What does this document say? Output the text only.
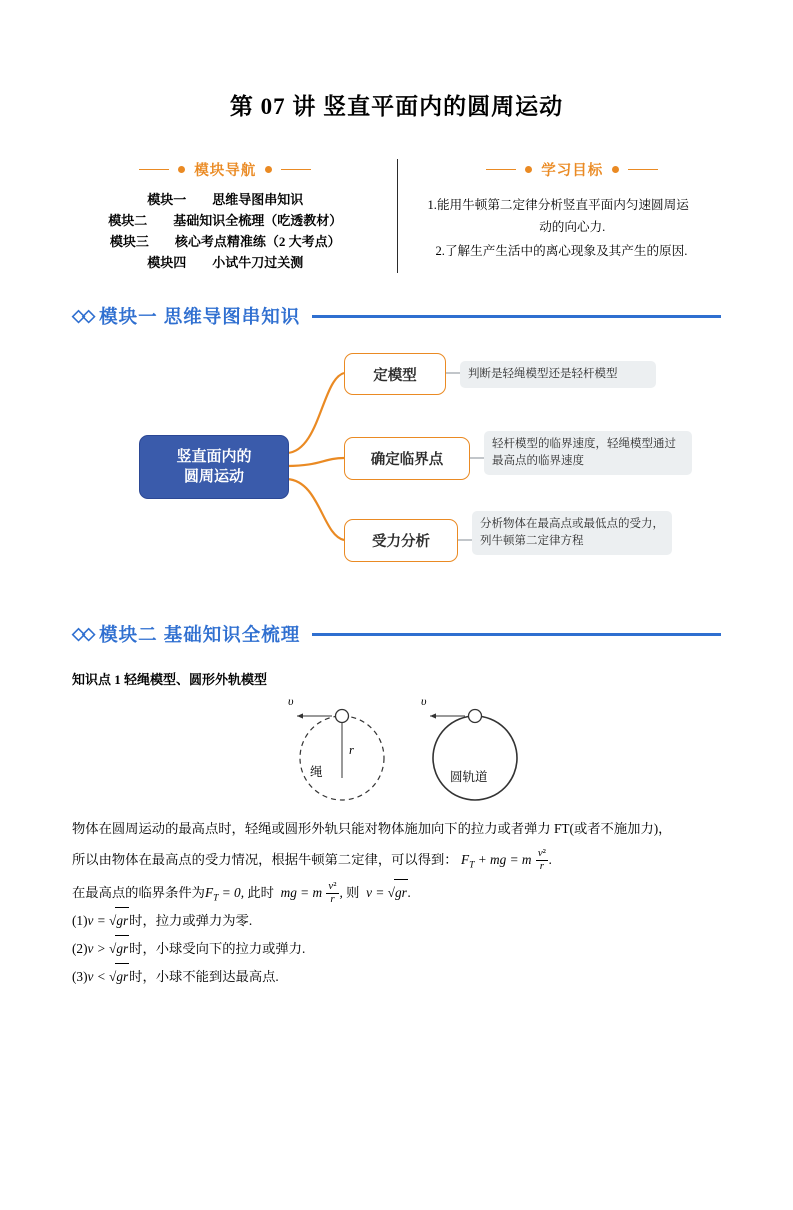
第 07 讲 竖直平面内的圆周运动
模块导航
模块一　　思维导图串知识
模块二　　基础知识全梳理（吃透教材）
模块三　　核心考点精准练（2 大考点）
模块四　　小试牛刀过关测
学习目标
1.能用牛顿第二定律分析竖直平面内匀速圆周运
动的向心力.
2.了解生产生活中的离心现象及其产生的原因.
◇◇ 模块一 思维导图串知识
竖直面内的
圆周运动
定模型
确定临界点
受力分析
判断是轻绳模型还是轻杆模型
轻杆模型的临界速度，轻绳模型通过最高点的临界速度
分析物体在最高点或最低点的受力，列牛顿第二定律方程
◇◇ 模块二 基础知识全梳理
知识点 1 轻绳模型、圆形外轨模型
υ
绳
r
υ
圆轨道
物体在圆周运动的最高点时，轻绳或圆形外轨只能对物体施加向下的拉力或者弹力 FT(或者不施加力)，
所以由物体在最高点的受力情况，根据牛顿第二定律，可以得到： $F_T$ + mg = m $\frac{\text{v²}}{r}$ .
在最高点的临界条件为$F_T = 0$, 此时  mg = m $\frac{\text{v²}}{r}$ , 则  v = √gr.
(1)v = √gr时，拉力或弹力为零.
(2)v > √gr时，小球受向下的拉力或弹力.
(3)v < √gr时，小球不能到达最高点.
